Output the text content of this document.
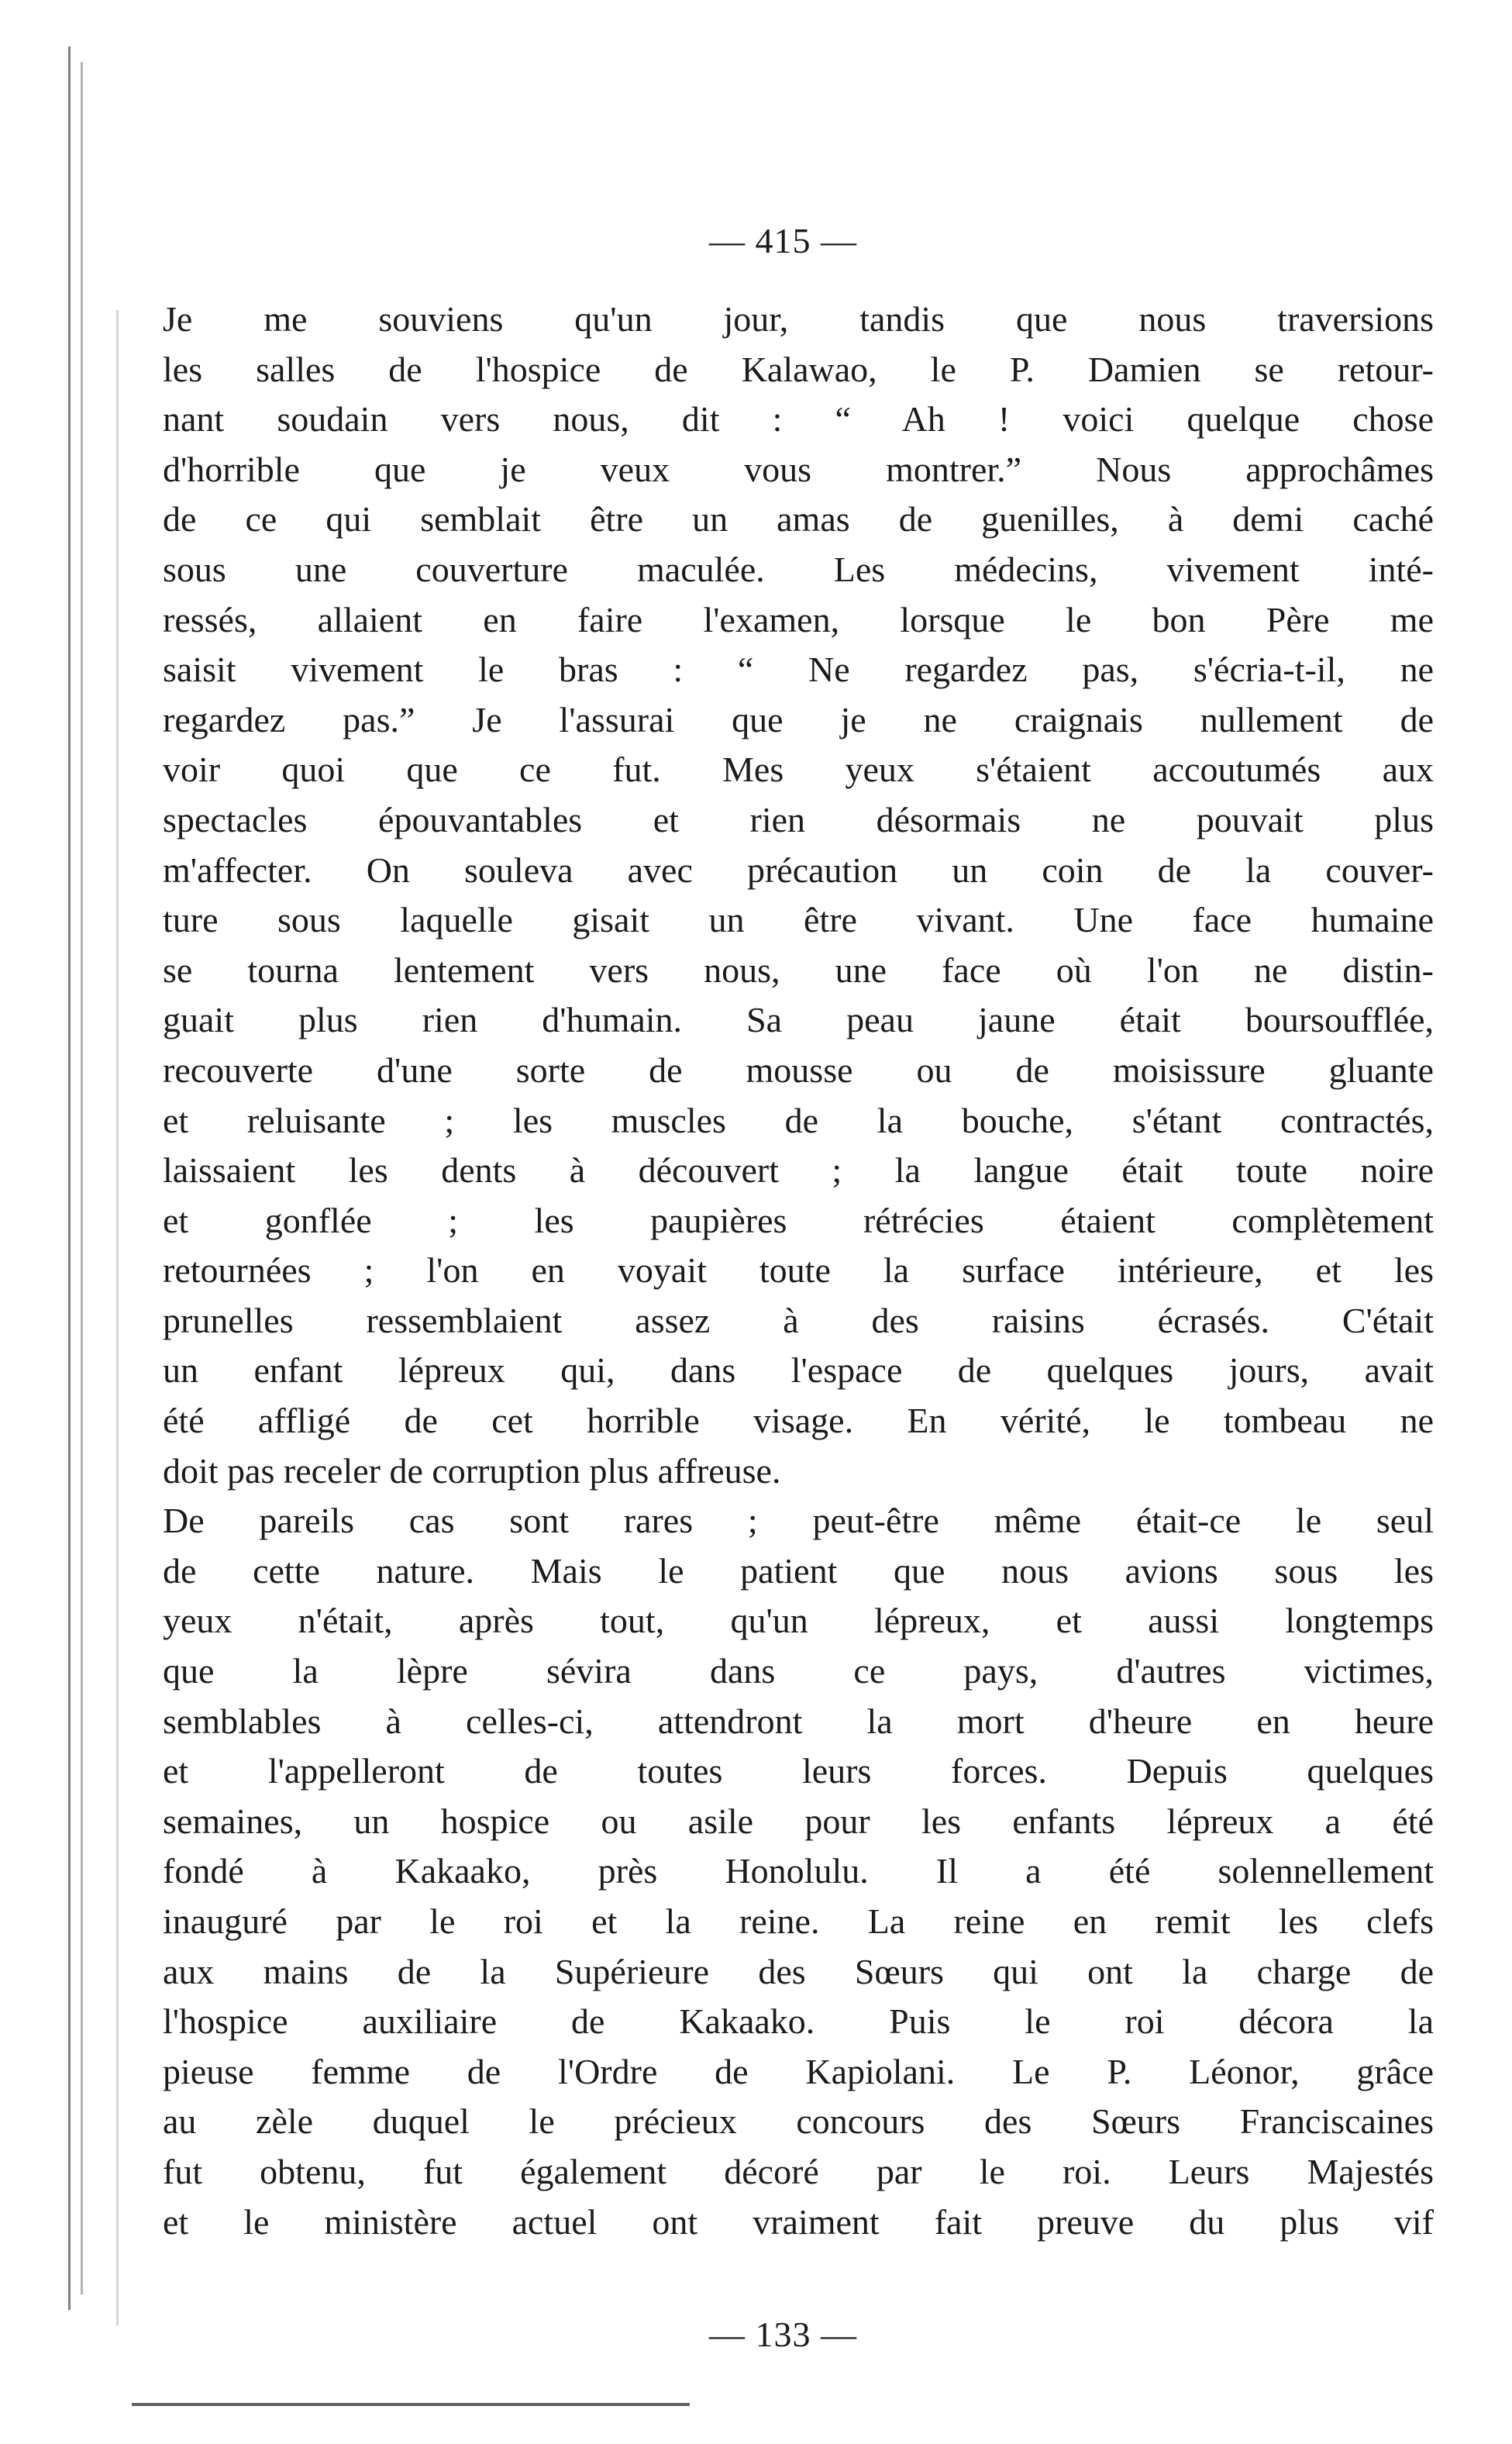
— 415 —
Je me souviens qu'un jour, tandis que nous traversions
les salles de l'hospice de Kalawao, le P. Damien se retour-
nant soudain vers nous, dit : “ Ah ! voici quelque chose
d'horrible que je veux vous montrer.” Nous approchâmes
de ce qui semblait être un amas de guenilles, à demi caché
sous une couverture maculée. Les médecins, vivement inté-
ressés, allaient en faire l'examen, lorsque le bon Père me
saisit vivement le bras : “ Ne regardez pas, s'écria-t-il, ne
regardez pas.” Je l'assurai que je ne craignais nullement de
voir quoi que ce fut. Mes yeux s'étaient accoutumés aux
spectacles épouvantables et rien désormais ne pouvait plus
m'affecter. On souleva avec précaution un coin de la couver-
ture sous laquelle gisait un être vivant. Une face humaine
se tourna lentement vers nous, une face où l'on ne distin-
guait plus rien d'humain. Sa peau jaune était boursoufflée,
recouverte d'une sorte de mousse ou de moisissure gluante
et reluisante ; les muscles de la bouche, s'étant contractés,
laissaient les dents à découvert ; la langue était toute noire
et gonflée ; les paupières rétrécies étaient complètement
retournées ; l'on en voyait toute la surface intérieure, et les
prunelles ressemblaient assez à des raisins écrasés. C'était
un enfant lépreux qui, dans l'espace de quelques jours, avait
été affligé de cet horrible visage. En vérité, le tombeau ne
doit pas receler de corruption plus affreuse.
De pareils cas sont rares ; peut-être même était-ce le seul
de cette nature. Mais le patient que nous avions sous les
yeux n'était, après tout, qu'un lépreux, et aussi longtemps
que la lèpre sévira dans ce pays, d'autres victimes,
semblables à celles-ci, attendront la mort d'heure en heure
et l'appelleront de toutes leurs forces. Depuis quelques
semaines, un hospice ou asile pour les enfants lépreux a été
fondé à Kakaako, près Honolulu. Il a été solennellement
inauguré par le roi et la reine. La reine en remit les clefs
aux mains de la Supérieure des Sœurs qui ont la charge de
l'hospice auxiliaire de Kakaako. Puis le roi décora la
pieuse femme de l'Ordre de Kapiolani. Le P. Léonor, grâce
au zèle duquel le précieux concours des Sœurs Franciscaines
fut obtenu, fut également décoré par le roi. Leurs Majestés
et le ministère actuel ont vraiment fait preuve du plus vif
— 133 —
